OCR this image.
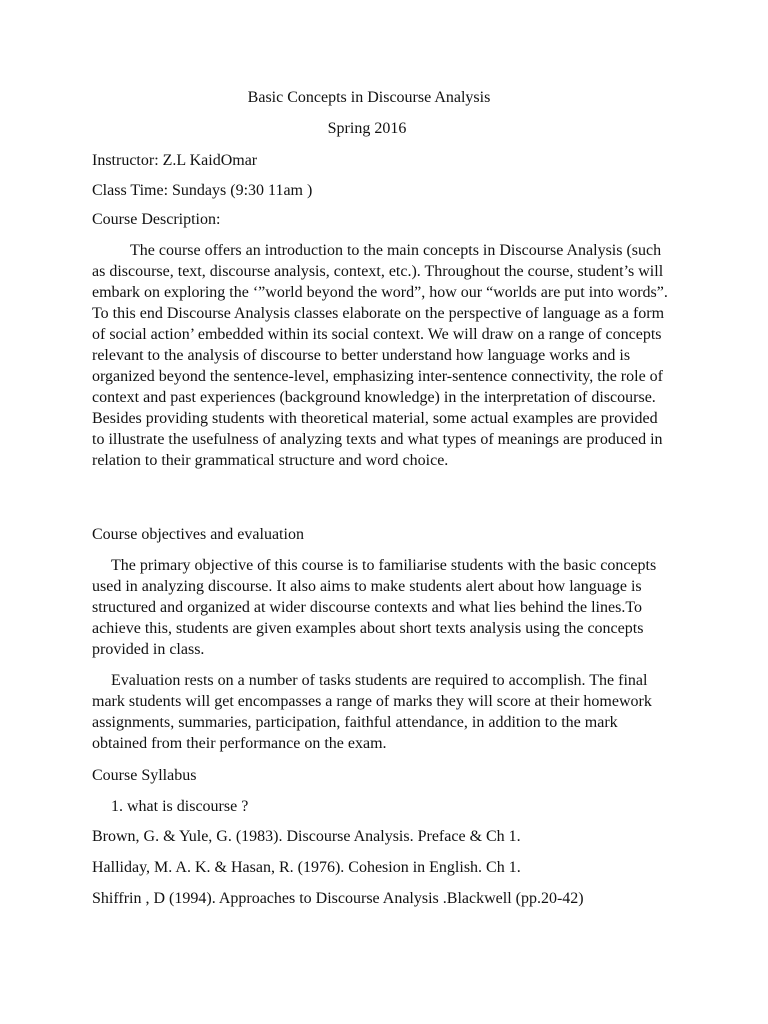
Basic Concepts in Discourse Analysis
Spring 2016
Instructor: Z.L KaidOmar
Class Time: Sundays (9:30 11am )
Course Description:
The course offers an introduction to the main concepts in Discourse Analysis (such as discourse, text, discourse analysis, context, etc.). Throughout the course, student’s will embark on exploring the ‘”world beyond the word”, how our “worlds are put into words”. To this end Discourse Analysis classes elaborate on the perspective of language as a form of social action’ embedded within its social context. We will draw on a range of concepts relevant to the analysis of discourse to better understand how language works and is organized beyond the sentence-level, emphasizing inter-sentence connectivity, the role of context and past experiences (background knowledge) in the interpretation of discourse. Besides providing students with theoretical material, some actual examples are provided to illustrate the usefulness of analyzing texts and what types of meanings are produced in relation to their grammatical structure and word choice.
Course objectives and evaluation
The primary objective of this course is to familiarise students with the basic concepts used in analyzing discourse. It also aims to make students alert about how language is structured and organized at wider discourse contexts and what lies behind the lines.To achieve this, students are given examples about short texts analysis using the concepts provided in class.
Evaluation rests on a number of tasks students are required to accomplish. The final mark students will get encompasses a range of marks they will score at their homework assignments, summaries, participation, faithful attendance, in addition to the mark obtained from their performance on the exam.
Course Syllabus
1. what is discourse ?
Brown, G. & Yule, G. (1983). Discourse Analysis. Preface & Ch 1.
Halliday, M. A. K. & Hasan, R. (1976). Cohesion in English. Ch 1.
Shiffrin , D (1994). Approaches to Discourse Analysis .Blackwell (pp.20-42)
